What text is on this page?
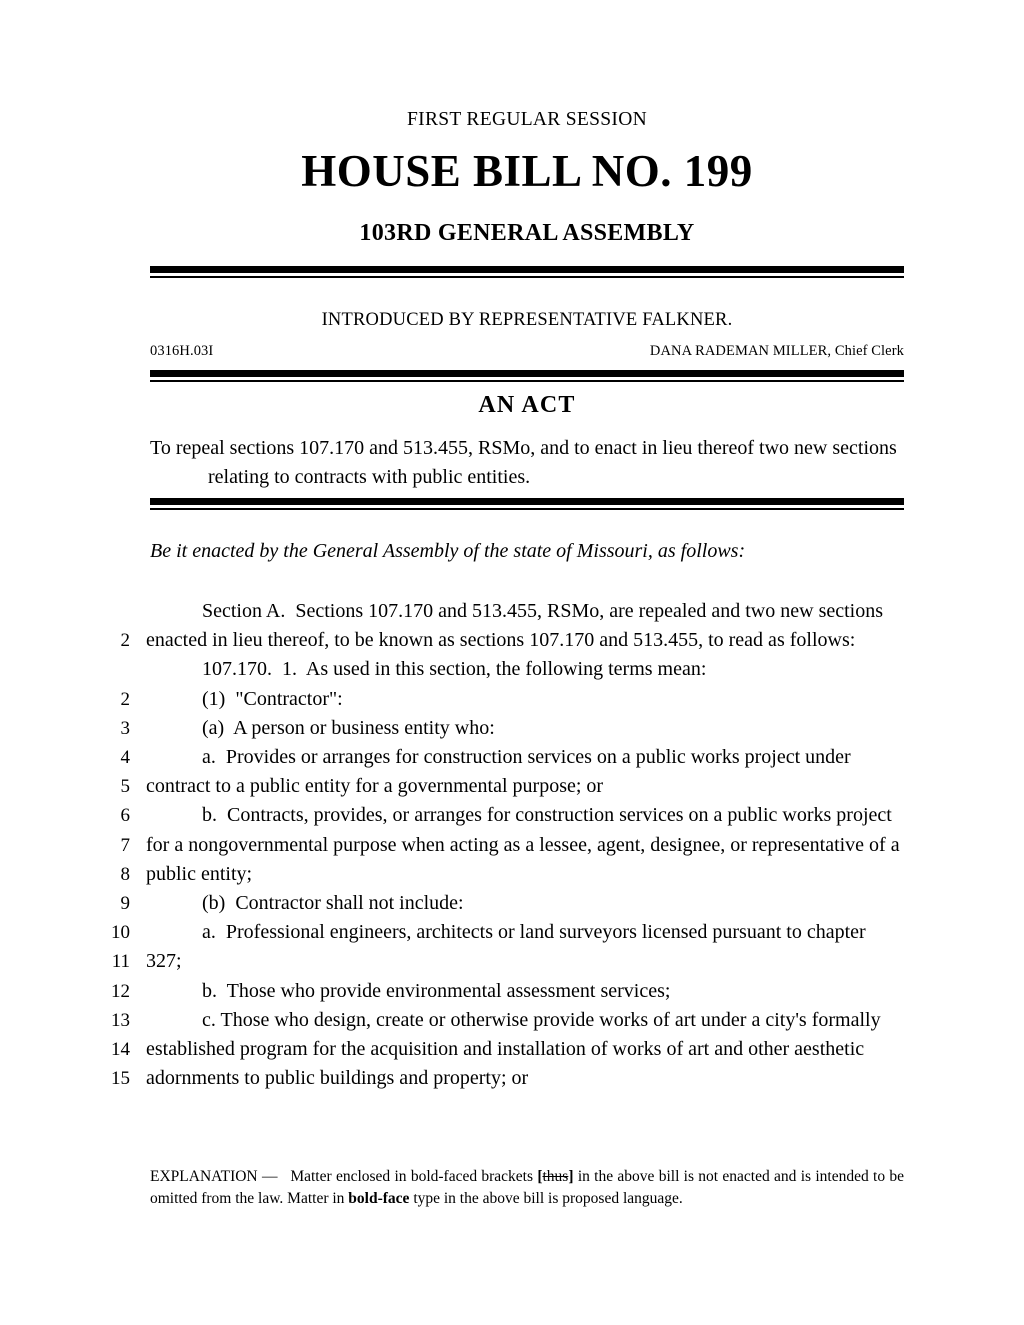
FIRST REGULAR SESSION
HOUSE BILL NO. 199
103RD GENERAL ASSEMBLY
INTRODUCED BY REPRESENTATIVE FALKNER.
0316H.03I	DANA RADEMAN MILLER, Chief Clerk
AN ACT
To repeal sections 107.170 and 513.455, RSMo, and to enact in lieu thereof two new sections
relating to contracts with public entities.
Be it enacted by the General Assembly of the state of Missouri, as follows:
Section A.  Sections 107.170 and 513.455, RSMo, are repealed and two new sections
2 enacted in lieu thereof, to be known as sections 107.170 and 513.455, to read as follows:
107.170.  1.  As used in this section, the following terms mean:
2	(1)  "Contractor":
3	(a)  A person or business entity who:
4	a.  Provides or arranges for construction services on a public works project under
5 contract to a public entity for a governmental purpose; or
6	b.  Contracts, provides, or arranges for construction services on a public works project
7 for a nongovernmental purpose when acting as a lessee, agent, designee, or representative of a
8 public entity;
9	(b)  Contractor shall not include:
10	a.  Professional engineers, architects or land surveyors licensed pursuant to chapter
11 327;
12	b.  Those who provide environmental assessment services;
13	c. Those who design, create or otherwise provide works of art under a city's formally
14 established program for the acquisition and installation of works of art and other aesthetic
15 adornments to public buildings and property; or
EXPLANATION — Matter enclosed in bold-faced brackets [thus] in the above bill is not enacted and is intended to be omitted from the law. Matter in bold-face type in the above bill is proposed language.
